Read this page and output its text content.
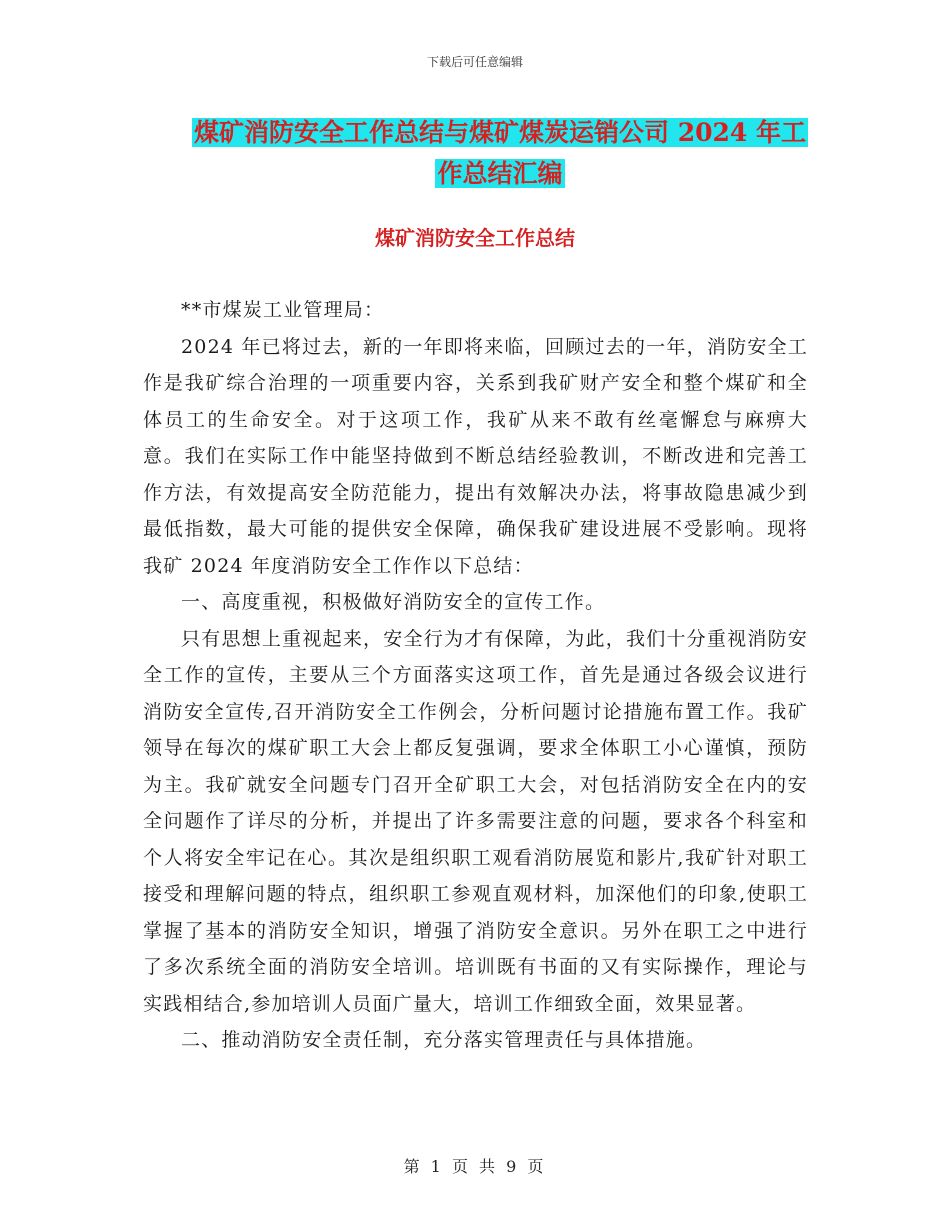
下载后可任意编辑
煤矿消防安全工作总结与煤矿煤炭运销公司 2024 年工
作总结汇编
煤矿消防安全工作总结

**市煤炭工业管理局：

2024 年已将过去，新的一年即将来临，回顾过去的一年，消防安全工作是我矿综合治理的一项重要内容，关系到我矿财产安全和整个煤矿和全体员工的生命安全。对于这项工作，我矿从来不敢有丝毫懈怠与麻痹大意。我们在实际工作中能坚持做到不断总结经验教训，不断改进和完善工作方法，有效提高安全防范能力，提出有效解决办法，将事故隐患减少到最低指数，最大可能的提供安全保障，确保我矿建设进展不受影响。现将我矿 2024 年度消防安全工作作以下总结：

一、高度重视，积极做好消防安全的宣传工作。

只有思想上重视起来，安全行为才有保障，为此，我们十分重视消防安全工作的宣传，主要从三个方面落实这项工作，首先是通过各级会议进行消防安全宣传,召开消防安全工作例会，分析问题讨论措施布置工作。我矿领导在每次的煤矿职工大会上都反复强调，要求全体职工小心谨慎，预防为主。我矿就安全问题专门召开全矿职工大会，对包括消防安全在内的安全问题作了详尽的分析，并提出了许多需要注意的问题，要求各个科室和个人将安全牢记在心。其次是组织职工观看消防展览和影片,我矿针对职工接受和理解问题的特点，组织职工参观直观材料，加深他们的印象,使职工掌握了基本的消防安全知识，增强了消防安全意识。另外在职工之中进行了多次系统全面的消防安全培训。培训既有书面的又有实际操作，理论与实践相结合,参加培训人员面广量大，培训工作细致全面，效果显著。

二、推动消防安全责任制，充分落实管理责任与具体措施。

第 1 页 共 9 页
